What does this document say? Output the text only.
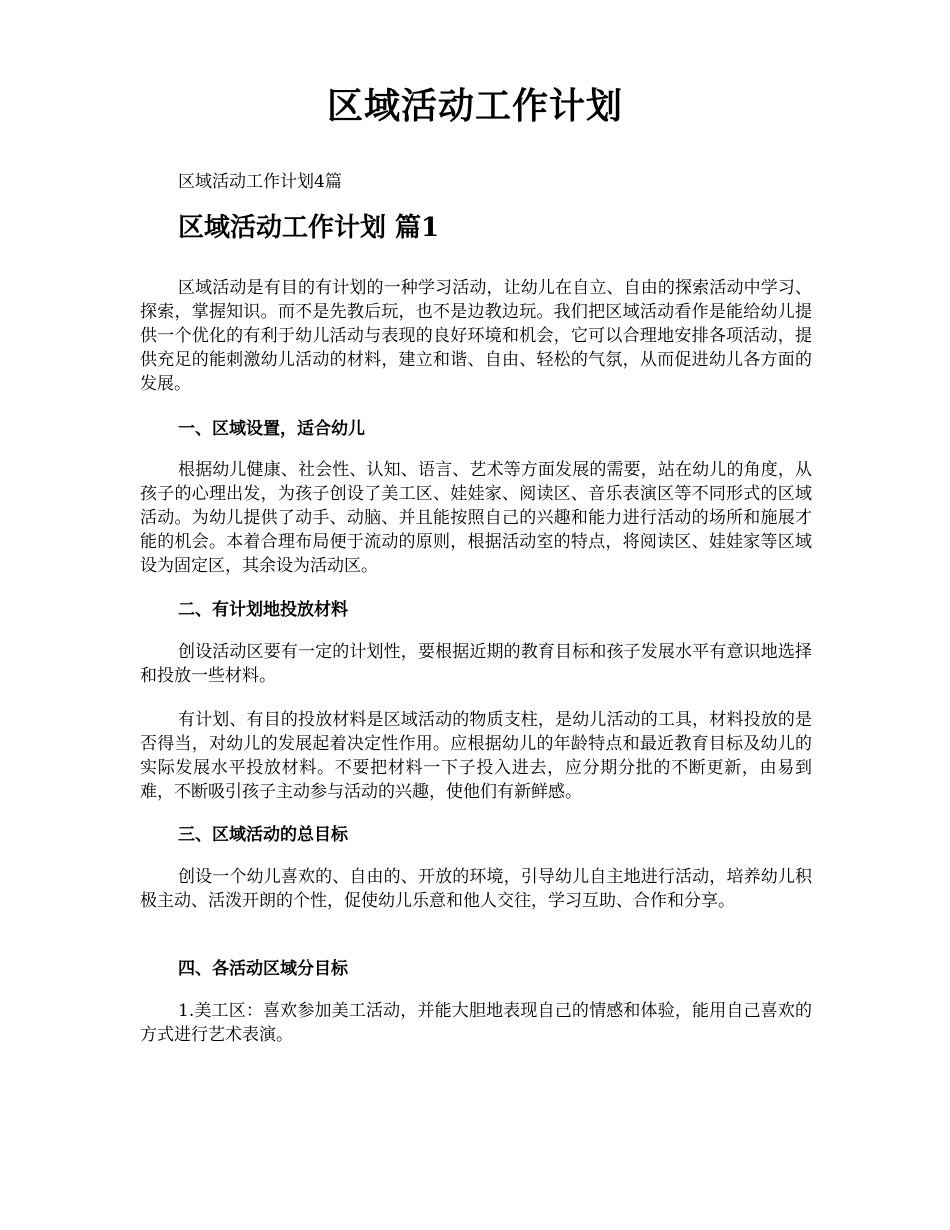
区域活动工作计划

区域活动工作计划4篇

区域活动工作计划 篇1

区域活动是有目的有计划的一种学习活动，让幼儿在自立、自由的探索活动中学习、探索，掌握知识。而不是先教后玩，也不是边教边玩。我们把区域活动看作是能给幼儿提供一个优化的有利于幼儿活动与表现的良好环境和机会，它可以合理地安排各项活动，提供充足的能刺激幼儿活动的材料，建立和谐、自由、轻松的气氛，从而促进幼儿各方面的发展。

一、区域设置，适合幼儿

根据幼儿健康、社会性、认知、语言、艺术等方面发展的需要，站在幼儿的角度，从孩子的心理出发，为孩子创设了美工区、娃娃家、阅读区、音乐表演区等不同形式的区域活动。为幼儿提供了动手、动脑、并且能按照自己的兴趣和能力进行活动的场所和施展才能的机会。本着合理布局便于流动的原则，根据活动室的特点，将阅读区、娃娃家等区域设为固定区，其余设为活动区。

二、有计划地投放材料

创设活动区要有一定的计划性，要根据近期的教育目标和孩子发展水平有意识地选择和投放一些材料。

有计划、有目的投放材料是区域活动的物质支柱，是幼儿活动的工具，材料投放的是否得当，对幼儿的发展起着决定性作用。应根据幼儿的年龄特点和最近教育目标及幼儿的实际发展水平投放材料。不要把材料一下子投入进去，应分期分批的不断更新，由易到难，不断吸引孩子主动参与活动的兴趣，使他们有新鲜感。

三、区域活动的总目标

创设一个幼儿喜欢的、自由的、开放的环境，引导幼儿自主地进行活动，培养幼儿积极主动、活泼开朗的个性，促使幼儿乐意和他人交往，学习互助、合作和分享。

四、各活动区域分目标

1.美工区：喜欢参加美工活动，并能大胆地表现自己的情感和体验，能用自己喜欢的方式进行艺术表演。
